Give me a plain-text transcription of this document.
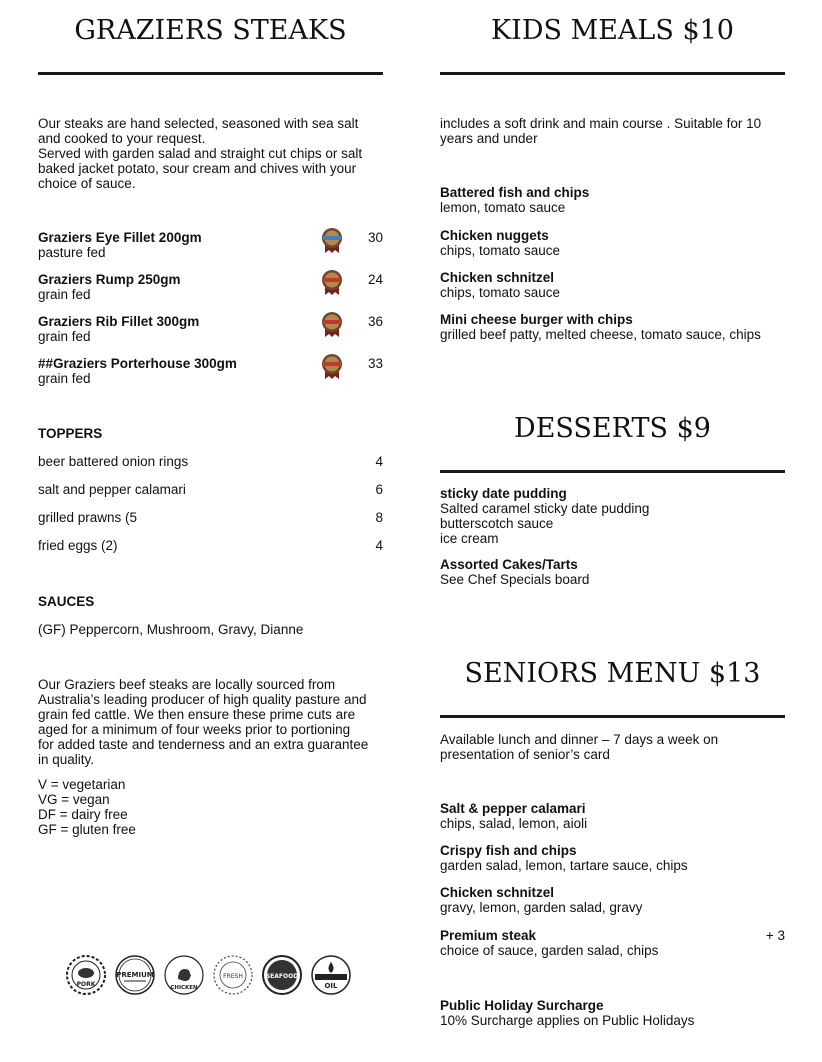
GRAZIERS STEAKS
Our steaks are hand selected, seasoned with sea salt
and cooked to your request.
Served with garden salad and straight cut chips or salt
baked jacket potato, sour cream and chives with your
choice of sauce.
Graziers Eye Fillet 200gm
pasture fed
30
Graziers Rump 250gm
grain fed
24
Graziers Rib Fillet 300gm
grain fed
36
##Graziers Porterhouse 300gm
grain fed
33
TOPPERS
beer battered onion rings	4
salt and pepper calamari	6
grilled prawns (5	8
fried eggs (2)	4
SAUCES
(GF) Peppercorn, Mushroom, Gravy, Dianne
Our Graziers beef steaks are locally sourced from
Australia’s leading producer of high quality pasture and
grain fed cattle. We then ensure these prime cuts are
aged for a minimum of four weeks prior to portioning
for added taste and tenderness and an extra guarantee
in quality.
V = vegetarian
VG = vegan
DF = dairy free
GF = gluten free
PORK
PREMIUM
CHICKEN
FRESH	SEAFOOD
OIL
KIDS MEALS $10
includes a soft drink and main course . Suitable for 10
years and under
Battered fish and chips
lemon, tomato sauce
Chicken nuggets
chips, tomato sauce
Chicken schnitzel
chips, tomato sauce
Mini cheese burger with chips
grilled beef patty, melted cheese, tomato sauce, chips
DESSERTS $9
sticky date pudding
Salted caramel sticky date pudding
butterscotch sauce
ice cream
Assorted Cakes/Tarts
See Chef Specials board
SENIORS MENU $13
Available lunch and dinner – 7 days a week on
presentation of senior’s card
Salt & pepper calamari
chips, salad, lemon, aioli
Crispy fish and chips
garden salad, lemon, tartare sauce, chips
Chicken schnitzel
gravy, lemon, garden salad, gravy
Premium steak
choice of sauce, garden salad, chips
+ 3
Public Holiday Surcharge
10% Surcharge applies on Public Holidays
